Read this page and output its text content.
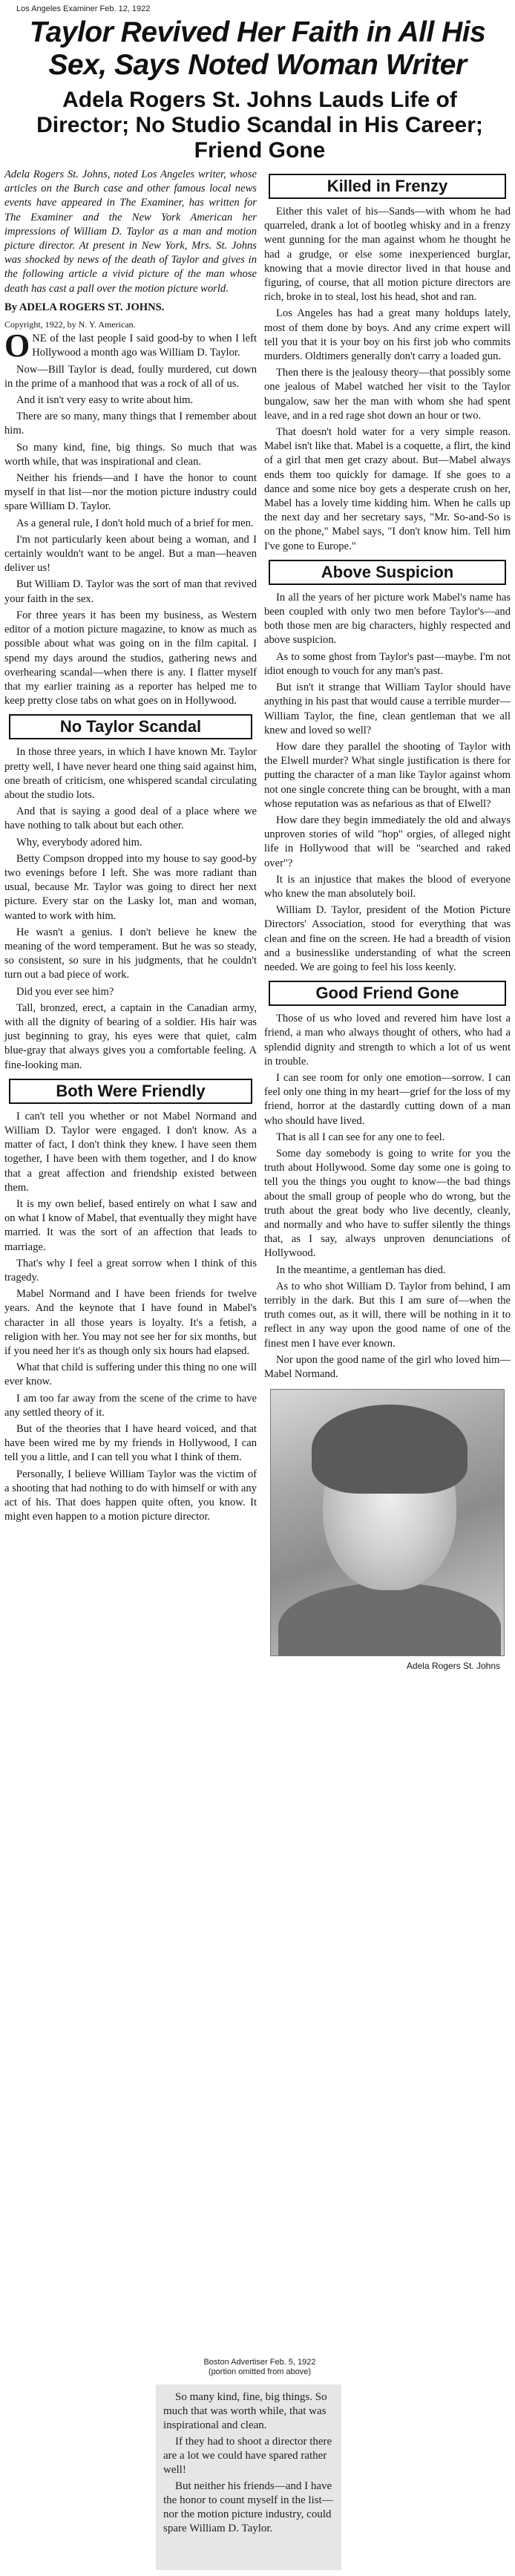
Los Angeles Examiner Feb. 12, 1922
Taylor Revived Her Faith in All His Sex, Says Noted Woman Writer
Adela Rogers St. Johns Lauds Life of Director; No Studio Scandal in His Career; Friend Gone
Adela Rogers St. Johns, noted Los Angeles writer, whose articles on the Burch case and other famous local news events have appeared in The Examiner, has written for The Examiner and the New York American her impressions of William D. Taylor as a man and motion picture director. At present in New York, Mrs. St. Johns was shocked by news of the death of Taylor and gives in the following article a vivid picture of the man whose death has cast a pall over the motion picture world.
By ADELA ROGERS ST. JOHNS.
Copyright, 1922, by N. Y. American.

ONE of the last people I said good-by to when I left Hollywood a month ago was William D. Taylor.

Now—Bill Taylor is dead, foully murdered, cut down in the prime of a manhood that was a rock of all of us.

And it isn't very easy to write about him.

There are so many, many things that I remember about him.

So many kind, fine, big things. So much that was worth while, that was inspirational and clean.

Neither his friends—and I have the honor to count myself in that list—nor the motion picture industry could spare William D. Taylor.

As a general rule, I don't hold much of a brief for men.

I'm not particularly keen about being a woman, and I certainly wouldn't want to be angel. But a man—heaven deliver us!

But William D. Taylor was the sort of man that revived your faith in the sex.

For three years it has been my business, as Western editor of a motion picture magazine, to know as much as possible about what was going on in the film capital. I spend my days around the studios, gathering news and overhearing scandal—when there is any. I flatter myself that my earlier training as a reporter has helped me to keep pretty close tabs on what goes on in Hollywood.

No Taylor Scandal

In those three years, in which I have known Mr. Taylor pretty well, I have never heard one thing said against him, one breath of criticism, one whispered scandal circulating about the studio lots.

And that is saying a good deal of a place where we have nothing to talk about but each other.

Why, everybody adored him.

Betty Compson dropped into my house to say good-by two evenings before I left. She was more radiant than usual, because Mr. Taylor was going to direct her next picture. Every star on the Lasky lot, man and woman, wanted to work with him.

He wasn't a genius. I don't believe he knew the meaning of the word temperament. But he was so steady, so consistent, so sure in his judgments, that he couldn't turn out a bad piece of work.

Did you ever see him?

Tall, bronzed, erect, a captain in the Canadian army, with all the dignity of bearing of a soldier. His hair was just beginning to gray, his eyes were that quiet, calm blue-gray that always gives you a comfortable feeling. A fine-looking man.

Both Were Friendly

I can't tell you whether or not Mabel Normand and William D. Taylor were engaged. I don't know. As a matter of fact, I don't think they knew. I have seen them together, I have been with them together, and I do know that a great affection and friendship existed between them.

It is my own belief, based entirely on what I saw and on what I know of Mabel, that eventually they might have married. It was the sort of an affection that leads to marriage.

That's why I feel a great sorrow when I think of this tragedy.

Mabel Normand and I have been friends for twelve years. And the keynote that I have found in Mabel's character in all those years is loyalty. It's a fetish, a religion with her. You may not see her for six months, but if you need her it's as though only six hours had elapsed.

What that child is suffering under this thing no one will ever know.

I am too far away from the scene of the crime to have any settled theory of it.

But of the theories that I have heard voiced, and that have been wired me by my friends in Hollywood, I can tell you a little, and I can tell you what I think of them.

Personally, I believe William Taylor was the victim of a shooting that had nothing to do with himself or with any act of his. That does happen quite often, you know. It might even happen to a motion picture director.

Killed in Frenzy

Either this valet of his—Sands—with whom he had quarreled, drank a lot of bootleg whisky and in a frenzy went gunning for the man against whom he thought he had a grudge, or else some inexperienced burglar, knowing that a movie director lived in that house and figuring, of course, that all motion picture directors are rich, broke in to steal, lost his head, shot and ran.

Los Angeles has had a great many holdups lately, most of them done by boys. And any crime expert will tell you that it is your boy on his first job who commits murders. Oldtimers generally don't carry a loaded gun.

Then there is the jealousy theory—that possibly some one jealous of Mabel watched her visit to the Taylor bungalow, saw her the man with whom she had spent leave, and in a red rage shot down an hour or two.

That doesn't hold water for a very simple reason. Mabel isn't like that. Mabel is a coquette, a flirt, the kind of a girl that men get crazy about. But—Mabel always ends them too quickly for damage. If she goes to a dance and some nice boy gets a desperate crush on her, Mabel has a lovely time kidding him. When he calls up the next day and her secretary says, "Mr. So-and-So is on the phone," Mabel says, "I don't know him. Tell him I've gone to Europe."

Above Suspicion

In all the years of her picture work Mabel's name has been coupled with only two men before Taylor's—and both those men are big characters, highly respected and above suspicion.

As to some ghost from Taylor's past—maybe. I'm not idiot enough to vouch for any man's past.

But isn't it strange that William Taylor should have anything in his past that would cause a terrible murder—William Taylor, the fine, clean gentleman that we all knew and loved so well?

How dare they parallel the shooting of Taylor with the Elwell murder? What single justification is there for putting the character of a man like Taylor against whom not one single concrete thing can be brought, with a man whose reputation was as nefarious as that of Elwell?

How dare they begin immediately the old and always unproven stories of wild "hop" orgies, of alleged night life in Hollywood that will be "searched and raked over"?

It is an injustice that makes the blood of everyone who knew the man absolutely boil.

William D. Taylor, president of the Motion Picture Directors' Association, stood for everything that was clean and fine on the screen. He had a breadth of vision and a businesslike understanding of what the screen needed. We are going to feel his loss keenly.

Good Friend Gone

Those of us who loved and revered him have lost a friend, a man who always thought of others, who had a splendid dignity and strength to which a lot of us went in trouble.

I can see room for only one emotion—sorrow. I can feel only one thing in my heart—grief for the loss of my friend, horror at the dastardly cutting down of a man who should have lived.

That is all I can see for any one to feel.

Some day somebody is going to write for you the truth about Hollywood. Some day some one is going to tell you the things you ought to know—the bad things about the small group of people who do wrong, but the truth about the great body who live decently, cleanly, and normally and who have to suffer silently the things that, as I say, always unproven denunciations of Hollywood.

In the meantime, a gentleman has died.

As to who shot William D. Taylor from behind, I am terribly in the dark. But this I am sure of—when the truth comes out, as it will, there will be nothing in it to reflect in any way upon the good name of one of the finest men I have ever known.

Nor upon the good name of the girl who loved him—Mabel Normand.

Adela Rogers St. Johns
Boston Advertiser Feb. 5, 1922
(portion omitted from above)

So many kind, fine, big things. So much that was worth while, that was inspirational and clean.

If they had to shoot a director there are a lot we could have spared rather well!

But neither his friends—and I have the honor to count myself in the list—nor the motion picture industry, could spare William D. Taylor.
